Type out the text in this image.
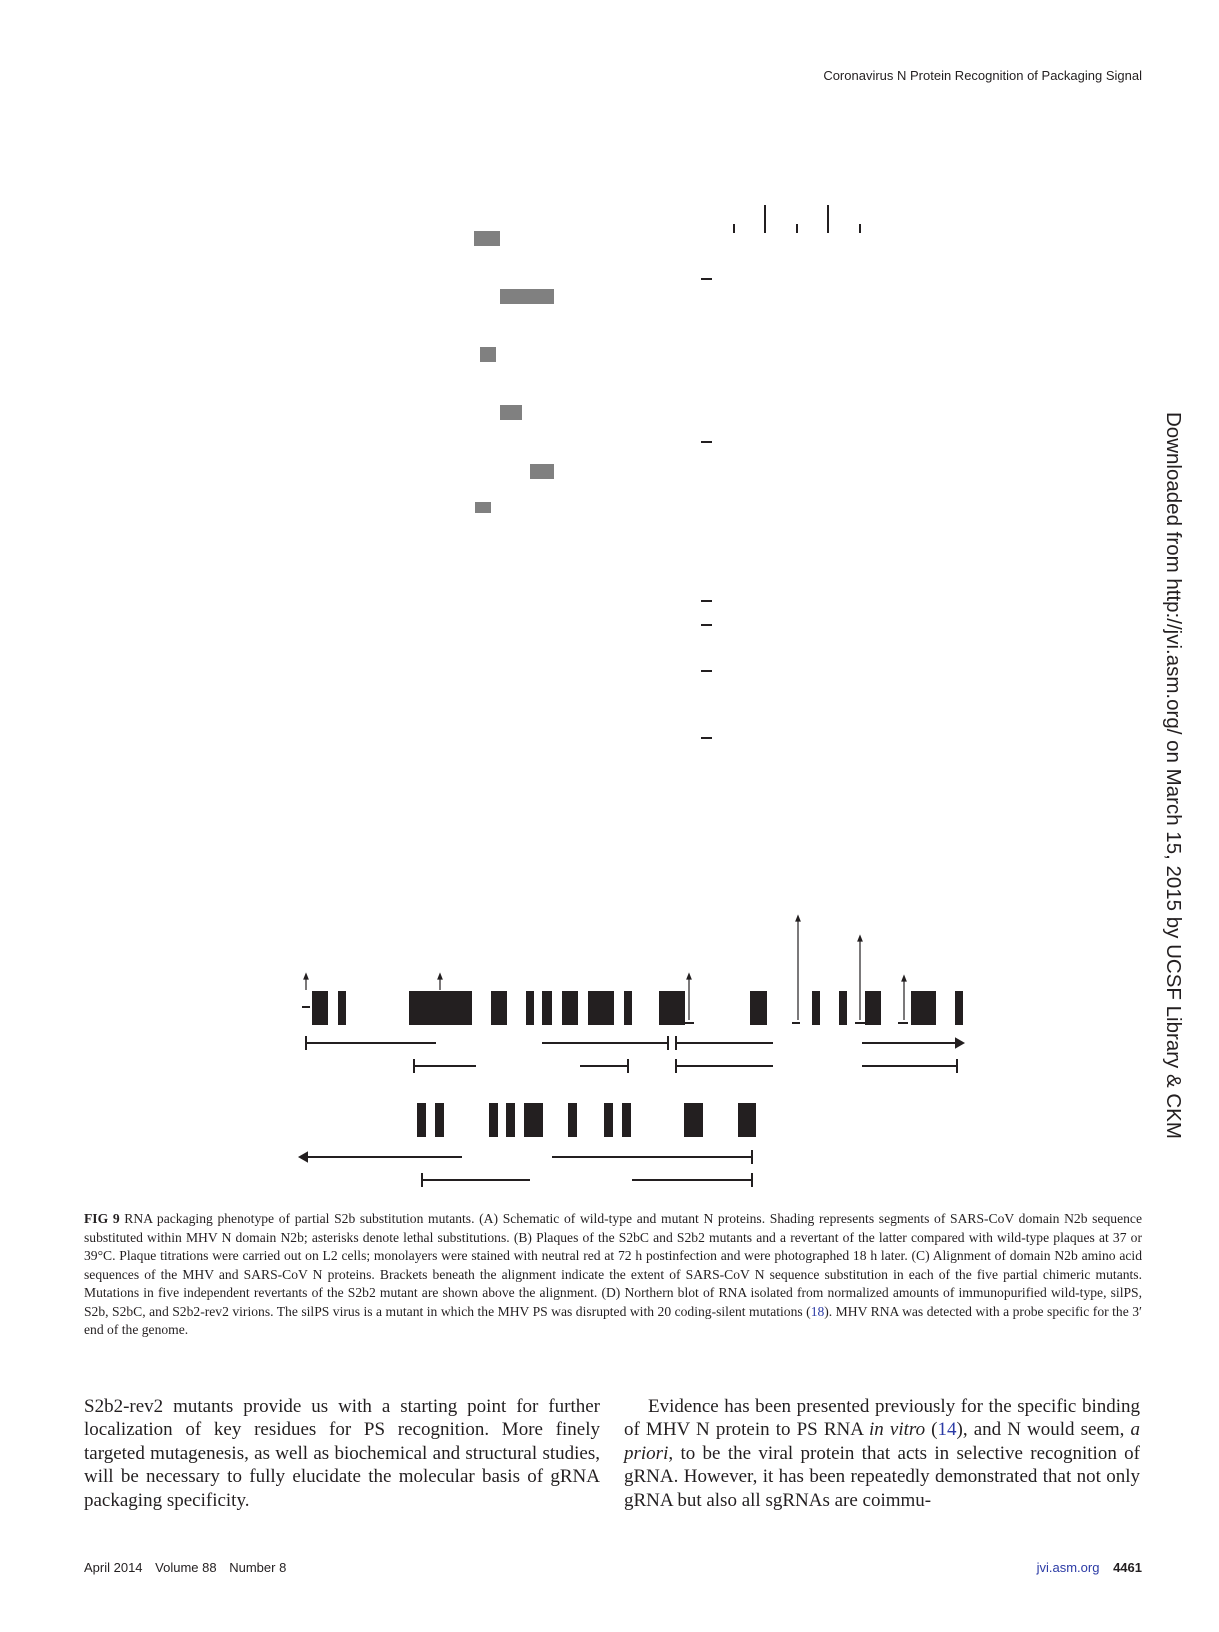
Coronavirus N Protein Recognition of Packaging Signal
Downloaded from http://jvi.asm.org/ on March 15, 2015 by UCSF Library & CKM
FIG 9 RNA packaging phenotype of partial S2b substitution mutants. (A) Schematic of wild-type and mutant N proteins. Shading represents segments of SARS-CoV domain N2b sequence substituted within MHV N domain N2b; asterisks denote lethal substitutions. (B) Plaques of the S2bC and S2b2 mutants and a revertant of the latter compared with wild-type plaques at 37 or 39°C. Plaque titrations were carried out on L2 cells; monolayers were stained with neutral red at 72 h postinfection and were photographed 18 h later. (C) Alignment of domain N2b amino acid sequences of the MHV and SARS-CoV N proteins. Brackets beneath the alignment indicate the extent of SARS-CoV N sequence substitution in each of the five partial chimeric mutants. Mutations in five independent revertants of the S2b2 mutant are shown above the alignment. (D) Northern blot of RNA isolated from normalized amounts of immunopurified wild-type, silPS, S2b, S2bC, and S2b2-rev2 virions. The silPS virus is a mutant in which the MHV PS was disrupted with 20 coding-silent mutations (18). MHV RNA was detected with a probe specific for the 3′ end of the genome.

S2b2-rev2 mutants provide us with a starting point for further localization of key residues for PS recognition. More finely targeted mutagenesis, as well as biochemical and structural studies, will be necessary to fully elucidate the molecular basis of gRNA packaging specificity.

Evidence has been presented previously for the specific binding of MHV N protein to PS RNA in vitro (14), and N would seem, a priori, to be the viral protein that acts in selective recognition of gRNA. However, it has been repeatedly demonstrated that not only gRNA but also all sgRNAs are coimmu-

April 2014 Volume 88 Number 8	jvi.asm.org 4461
